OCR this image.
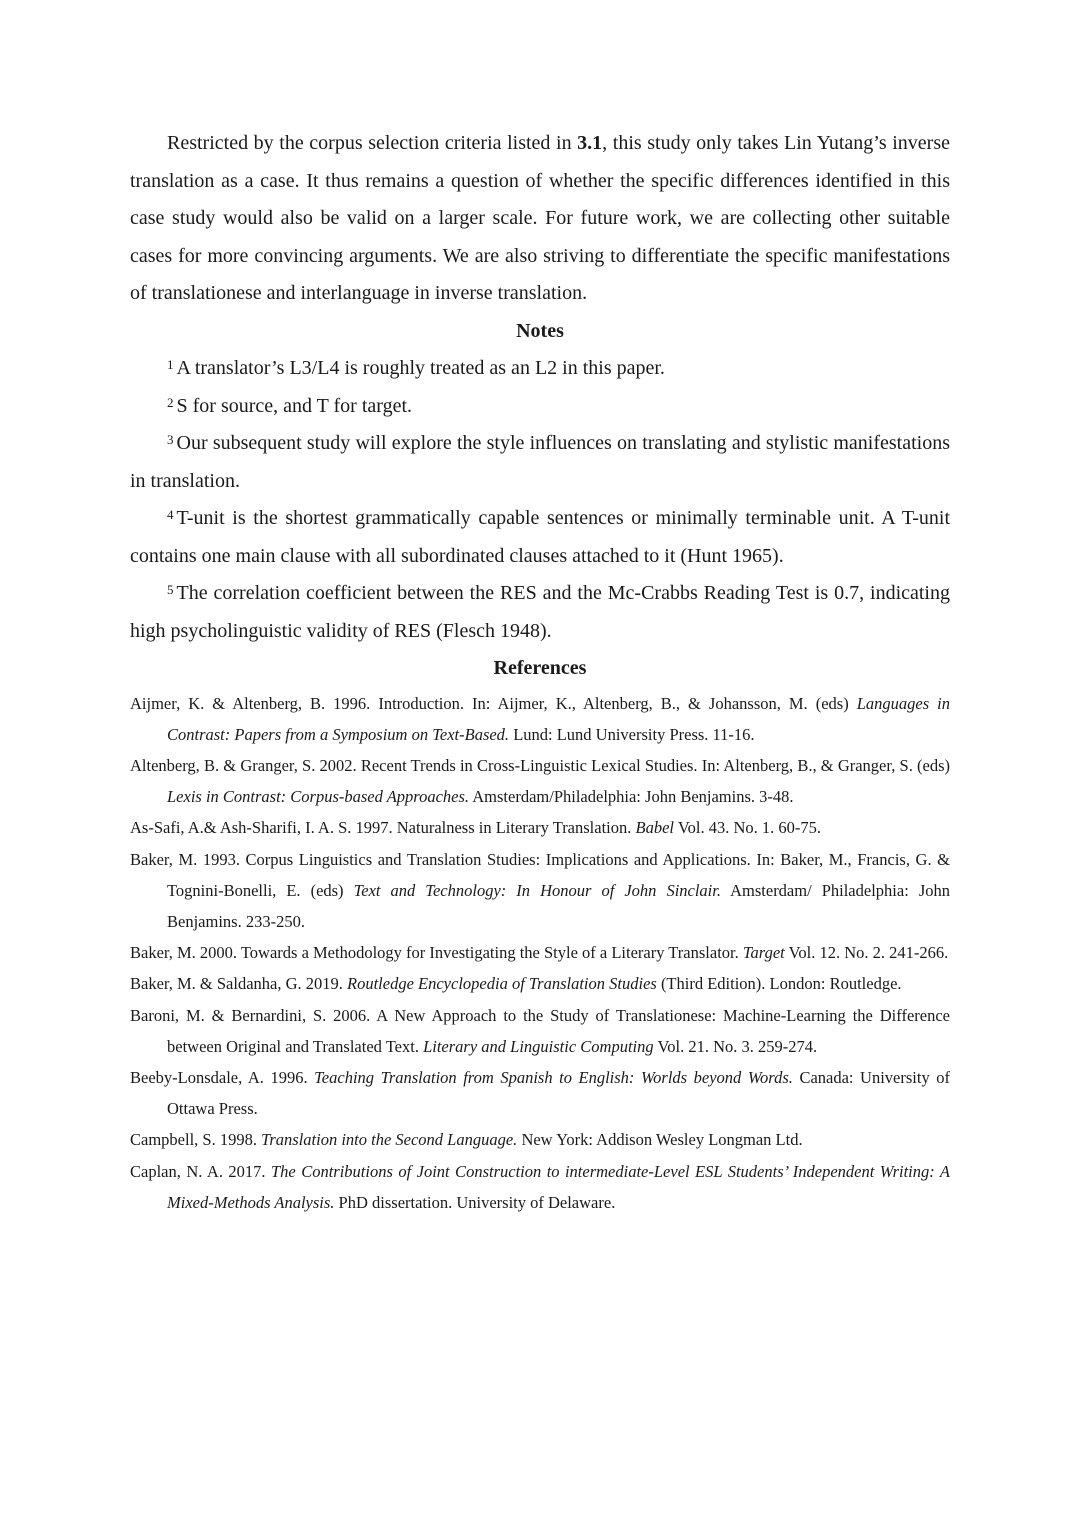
Restricted by the corpus selection criteria listed in 3.1, this study only takes Lin Yutang’s inverse translation as a case. It thus remains a question of whether the specific differences identified in this case study would also be valid on a larger scale. For future work, we are collecting other suitable cases for more convincing arguments. We are also striving to differentiate the specific manifestations of translationese and interlanguage in inverse translation.

Notes

$^1$ A translator’s L3/L4 is roughly treated as an L2 in this paper.

$^2$ S for source, and T for target.

$^3$ Our subsequent study will explore the style influences on translating and stylistic manifestations in translation.

$^4$ T-unit is the shortest grammatically capable sentences or minimally terminable unit. A T-unit contains one main clause with all subordinated clauses attached to it (Hunt 1965).

$^5$ The correlation coefficient between the RES and the Mc-Crabbs Reading Test is 0.7, indicating high psycholinguistic validity of RES (Flesch 1948).

References

Aijmer, K. & Altenberg, B. 1996. Introduction. In: Aijmer, K., Altenberg, B., & Johansson, M. (eds) Languages in Contrast: Papers from a Symposium on Text-Based. Lund: Lund University Press. 11-16.

Altenberg, B. & Granger, S. 2002. Recent Trends in Cross-Linguistic Lexical Studies. In: Altenberg, B., & Granger, S. (eds) Lexis in Contrast: Corpus-based Approaches. Amsterdam/Philadelphia: John Benjamins. 3-48.

As-Safi, A.& Ash-Sharifi, I. A. S. 1997. Naturalness in Literary Translation. Babel Vol. 43. No. 1. 60-75.

Baker, M. 1993. Corpus Linguistics and Translation Studies: Implications and Applications. In: Baker, M., Francis, G. & Tognini-Bonelli, E. (eds) Text and Technology: In Honour of John Sinclair. Amsterdam/ Philadelphia: John Benjamins. 233-250.

Baker, M. 2000. Towards a Methodology for Investigating the Style of a Literary Translator. Target Vol. 12. No. 2. 241-266.

Baker, M. & Saldanha, G. 2019. Routledge Encyclopedia of Translation Studies (Third Edition). London: Routledge.

Baroni, M. & Bernardini, S. 2006. A New Approach to the Study of Translationese: Machine-Learning the Difference between Original and Translated Text. Literary and Linguistic Computing Vol. 21. No. 3. 259-274.

Beeby-Lonsdale, A. 1996. Teaching Translation from Spanish to English: Worlds beyond Words. Canada: University of Ottawa Press.

Campbell, S. 1998. Translation into the Second Language. New York: Addison Wesley Longman Ltd.

Caplan, N. A. 2017. The Contributions of Joint Construction to intermediate-Level ESL Students’ Independent Writing: A Mixed-Methods Analysis. PhD dissertation. University of Delaware.
